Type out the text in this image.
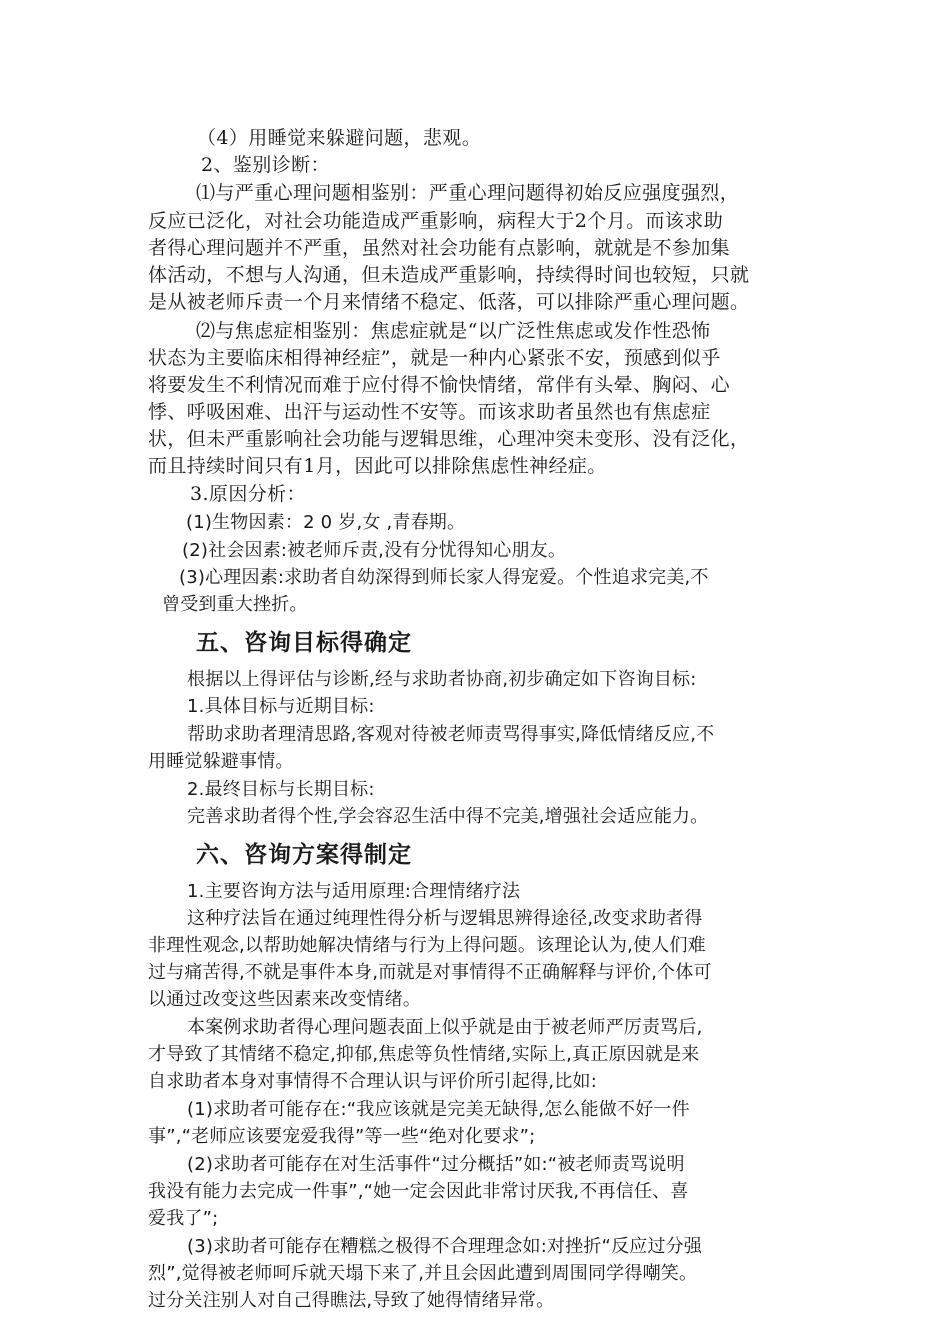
（4）用睡觉来躲避问题，悲观。
2、鉴别诊断：
⑴与严重心理问题相鉴别：严重心理问题得初始反应强度强烈，
反应已泛化，对社会功能造成严重影响，病程大于2个月。而该求助
者得心理问题并不严重，虽然对社会功能有点影响，就就是不参加集
体活动，不想与人沟通，但未造成严重影响，持续得时间也较短，只就
是从被老师斥责一个月来情绪不稳定、低落，可以排除严重心理问题。
⑵与焦虑症相鉴别：焦虑症就是“以广泛性焦虑或发作性恐怖
状态为主要临床相得神经症”，就是一种内心紧张不安，预感到似乎
将要发生不利情况而难于应付得不愉快情绪，常伴有头晕、胸闷、心
悸、呼吸困难、出汗与运动性不安等。而该求助者虽然也有焦虑症
状，但未严重影响社会功能与逻辑思维，心理冲突未变形、没有泛化，
而且持续时间只有1月，因此可以排除焦虑性神经症。
3.原因分析：
(1)生物因素：2 0 岁,女 ,青春期。
(2)社会因素:被老师斥责,没有分忧得知心朋友。
(3)心理因素:求助者自幼深得到师长家人得宠爱。个性追求完美,不
曾受到重大挫折。
五、咨询目标得确定
根据以上得评估与诊断,经与求助者协商,初步确定如下咨询目标:
1.具体目标与近期目标:
帮助求助者理清思路,客观对待被老师责骂得事实,降低情绪反应,不
用睡觉躲避事情。
2.最终目标与长期目标:
完善求助者得个性,学会容忍生活中得不完美,增强社会适应能力。
六、咨询方案得制定
1.主要咨询方法与适用原理:合理情绪疗法
这种疗法旨在通过纯理性得分析与逻辑思辨得途径,改变求助者得
非理性观念,以帮助她解决情绪与行为上得问题。该理论认为,使人们难
过与痛苦得,不就是事件本身,而就是对事情得不正确解释与评价,个体可
以通过改变这些因素来改变情绪。
本案例求助者得心理问题表面上似乎就是由于被老师严厉责骂后,
才导致了其情绪不稳定,抑郁,焦虑等负性情绪,实际上,真正原因就是来
自求助者本身对事情得不合理认识与评价所引起得,比如:
(1)求助者可能存在:“我应该就是完美无缺得,怎么能做不好一件
事”,“老师应该要宠爱我得”等一些“绝对化要求”;
(2)求助者可能存在对生活事件“过分概括”如:“被老师责骂说明
我没有能力去完成一件事”,“她一定会因此非常讨厌我,不再信任、喜
爱我了”;
(3)求助者可能存在糟糕之极得不合理理念如:对挫折“反应过分强
烈”,觉得被老师呵斥就天塌下来了,并且会因此遭到周围同学得嘲笑。
过分关注别人对自己得瞧法,导致了她得情绪异常。
